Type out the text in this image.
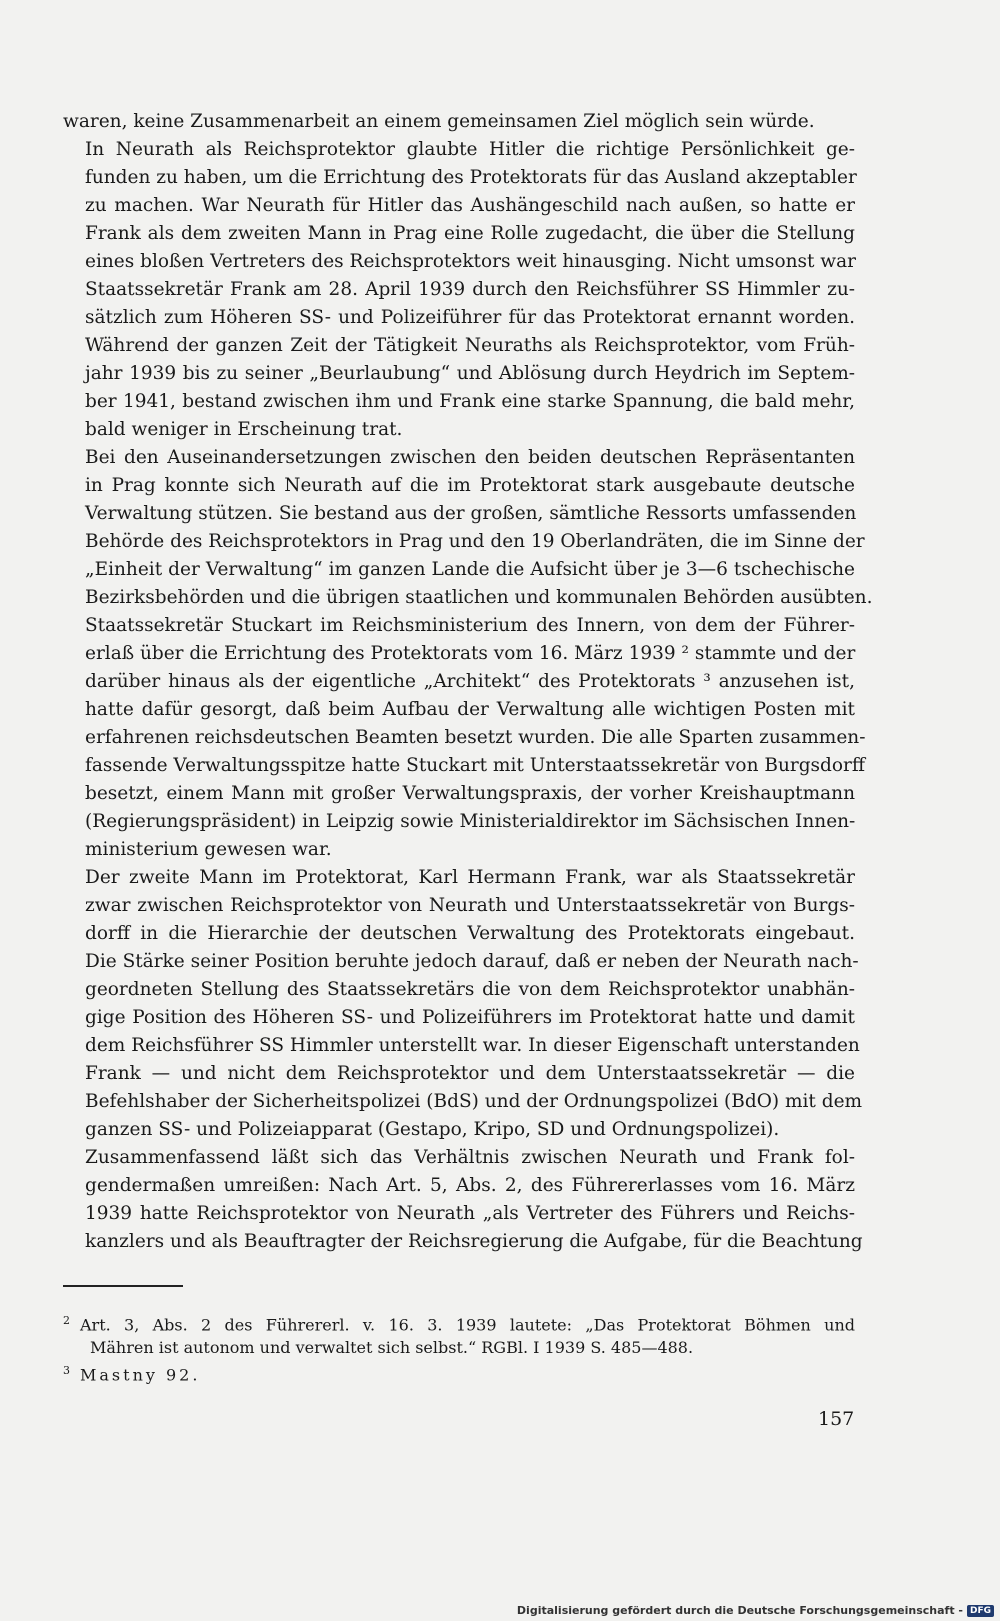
waren, keine Zusammenarbeit an einem gemeinsamen Ziel möglich sein würde.

In Neurath als Reichsprotektor glaubte Hitler die richtige Persönlichkeit ge-
funden zu haben, um die Errichtung des Protektorats für das Ausland akzeptabler
zu machen. War Neurath für Hitler das Aushängeschild nach außen, so hatte er
Frank als dem zweiten Mann in Prag eine Rolle zugedacht, die über die Stellung
eines bloßen Vertreters des Reichsprotektors weit hinausging. Nicht umsonst war
Staatssekretär Frank am 28. April 1939 durch den Reichsführer SS Himmler zu-
sätzlich zum Höheren SS- und Polizeiführer für das Protektorat ernannt worden.
Während der ganzen Zeit der Tätigkeit Neuraths als Reichsprotektor, vom Früh-
jahr 1939 bis zu seiner „Beurlaubung“ und Ablösung durch Heydrich im Septem-
ber 1941, bestand zwischen ihm und Frank eine starke Spannung, die bald mehr,
bald weniger in Erscheinung trat.

Bei den Auseinandersetzungen zwischen den beiden deutschen Repräsentanten
in Prag konnte sich Neurath auf die im Protektorat stark ausgebaute deutsche
Verwaltung stützen. Sie bestand aus der großen, sämtliche Ressorts umfassenden
Behörde des Reichsprotektors in Prag und den 19 Oberlandräten, die im Sinne der
„Einheit der Verwaltung“ im ganzen Lande die Aufsicht über je 3—6 tschechische
Bezirksbehörden und die übrigen staatlichen und kommunalen Behörden ausübten.
Staatssekretär Stuckart im Reichsministerium des Innern, von dem der Führer-
erlaß über die Errichtung des Protektorats vom 16. März 1939 ² stammte und der
darüber hinaus als der eigentliche „Architekt“ des Protektorats ³ anzusehen ist,
hatte dafür gesorgt, daß beim Aufbau der Verwaltung alle wichtigen Posten mit
erfahrenen reichsdeutschen Beamten besetzt wurden. Die alle Sparten zusammen-
fassende Verwaltungsspitze hatte Stuckart mit Unterstaatssekretär von Burgsdorff
besetzt, einem Mann mit großer Verwaltungspraxis, der vorher Kreishauptmann
(Regierungspräsident) in Leipzig sowie Ministerialdirektor im Sächsischen Innen-
ministerium gewesen war.

Der zweite Mann im Protektorat, Karl Hermann Frank, war als Staatssekretär
zwar zwischen Reichsprotektor von Neurath und Unterstaatssekretär von Burgs-
dorff in die Hierarchie der deutschen Verwaltung des Protektorats eingebaut.
Die Stärke seiner Position beruhte jedoch darauf, daß er neben der Neurath nach-
geordneten Stellung des Staatssekretärs die von dem Reichsprotektor unabhän-
gige Position des Höheren SS- und Polizeiführers im Protektorat hatte und damit
dem Reichsführer SS Himmler unterstellt war. In dieser Eigenschaft unterstanden
Frank — und nicht dem Reichsprotektor und dem Unterstaatssekretär — die
Befehlshaber der Sicherheitspolizei (BdS) und der Ordnungspolizei (BdO) mit dem
ganzen SS- und Polizeiapparat (Gestapo, Kripo, SD und Ordnungspolizei).

Zusammenfassend läßt sich das Verhältnis zwischen Neurath und Frank fol-
gendermaßen umreißen: Nach Art. 5, Abs. 2, des Führererlasses vom 16. März
1939 hatte Reichsprotektor von Neurath „als Vertreter des Führers und Reichs-
kanzlers und als Beauftragter der Reichsregierung die Aufgabe, für die Beachtung

$^2$ Art. 3, Abs. 2 des Führererl. v. 16. 3. 1939 lautete: „Das Protektorat Böhmen und
Mähren ist autonom und verwaltet sich selbst.“ RGBl. I 1939 S. 485—488.

$^3$ Mastny 92.

157
Digitalisierung gefördert durch die Deutsche Forschungsgemeinschaft - DFG
